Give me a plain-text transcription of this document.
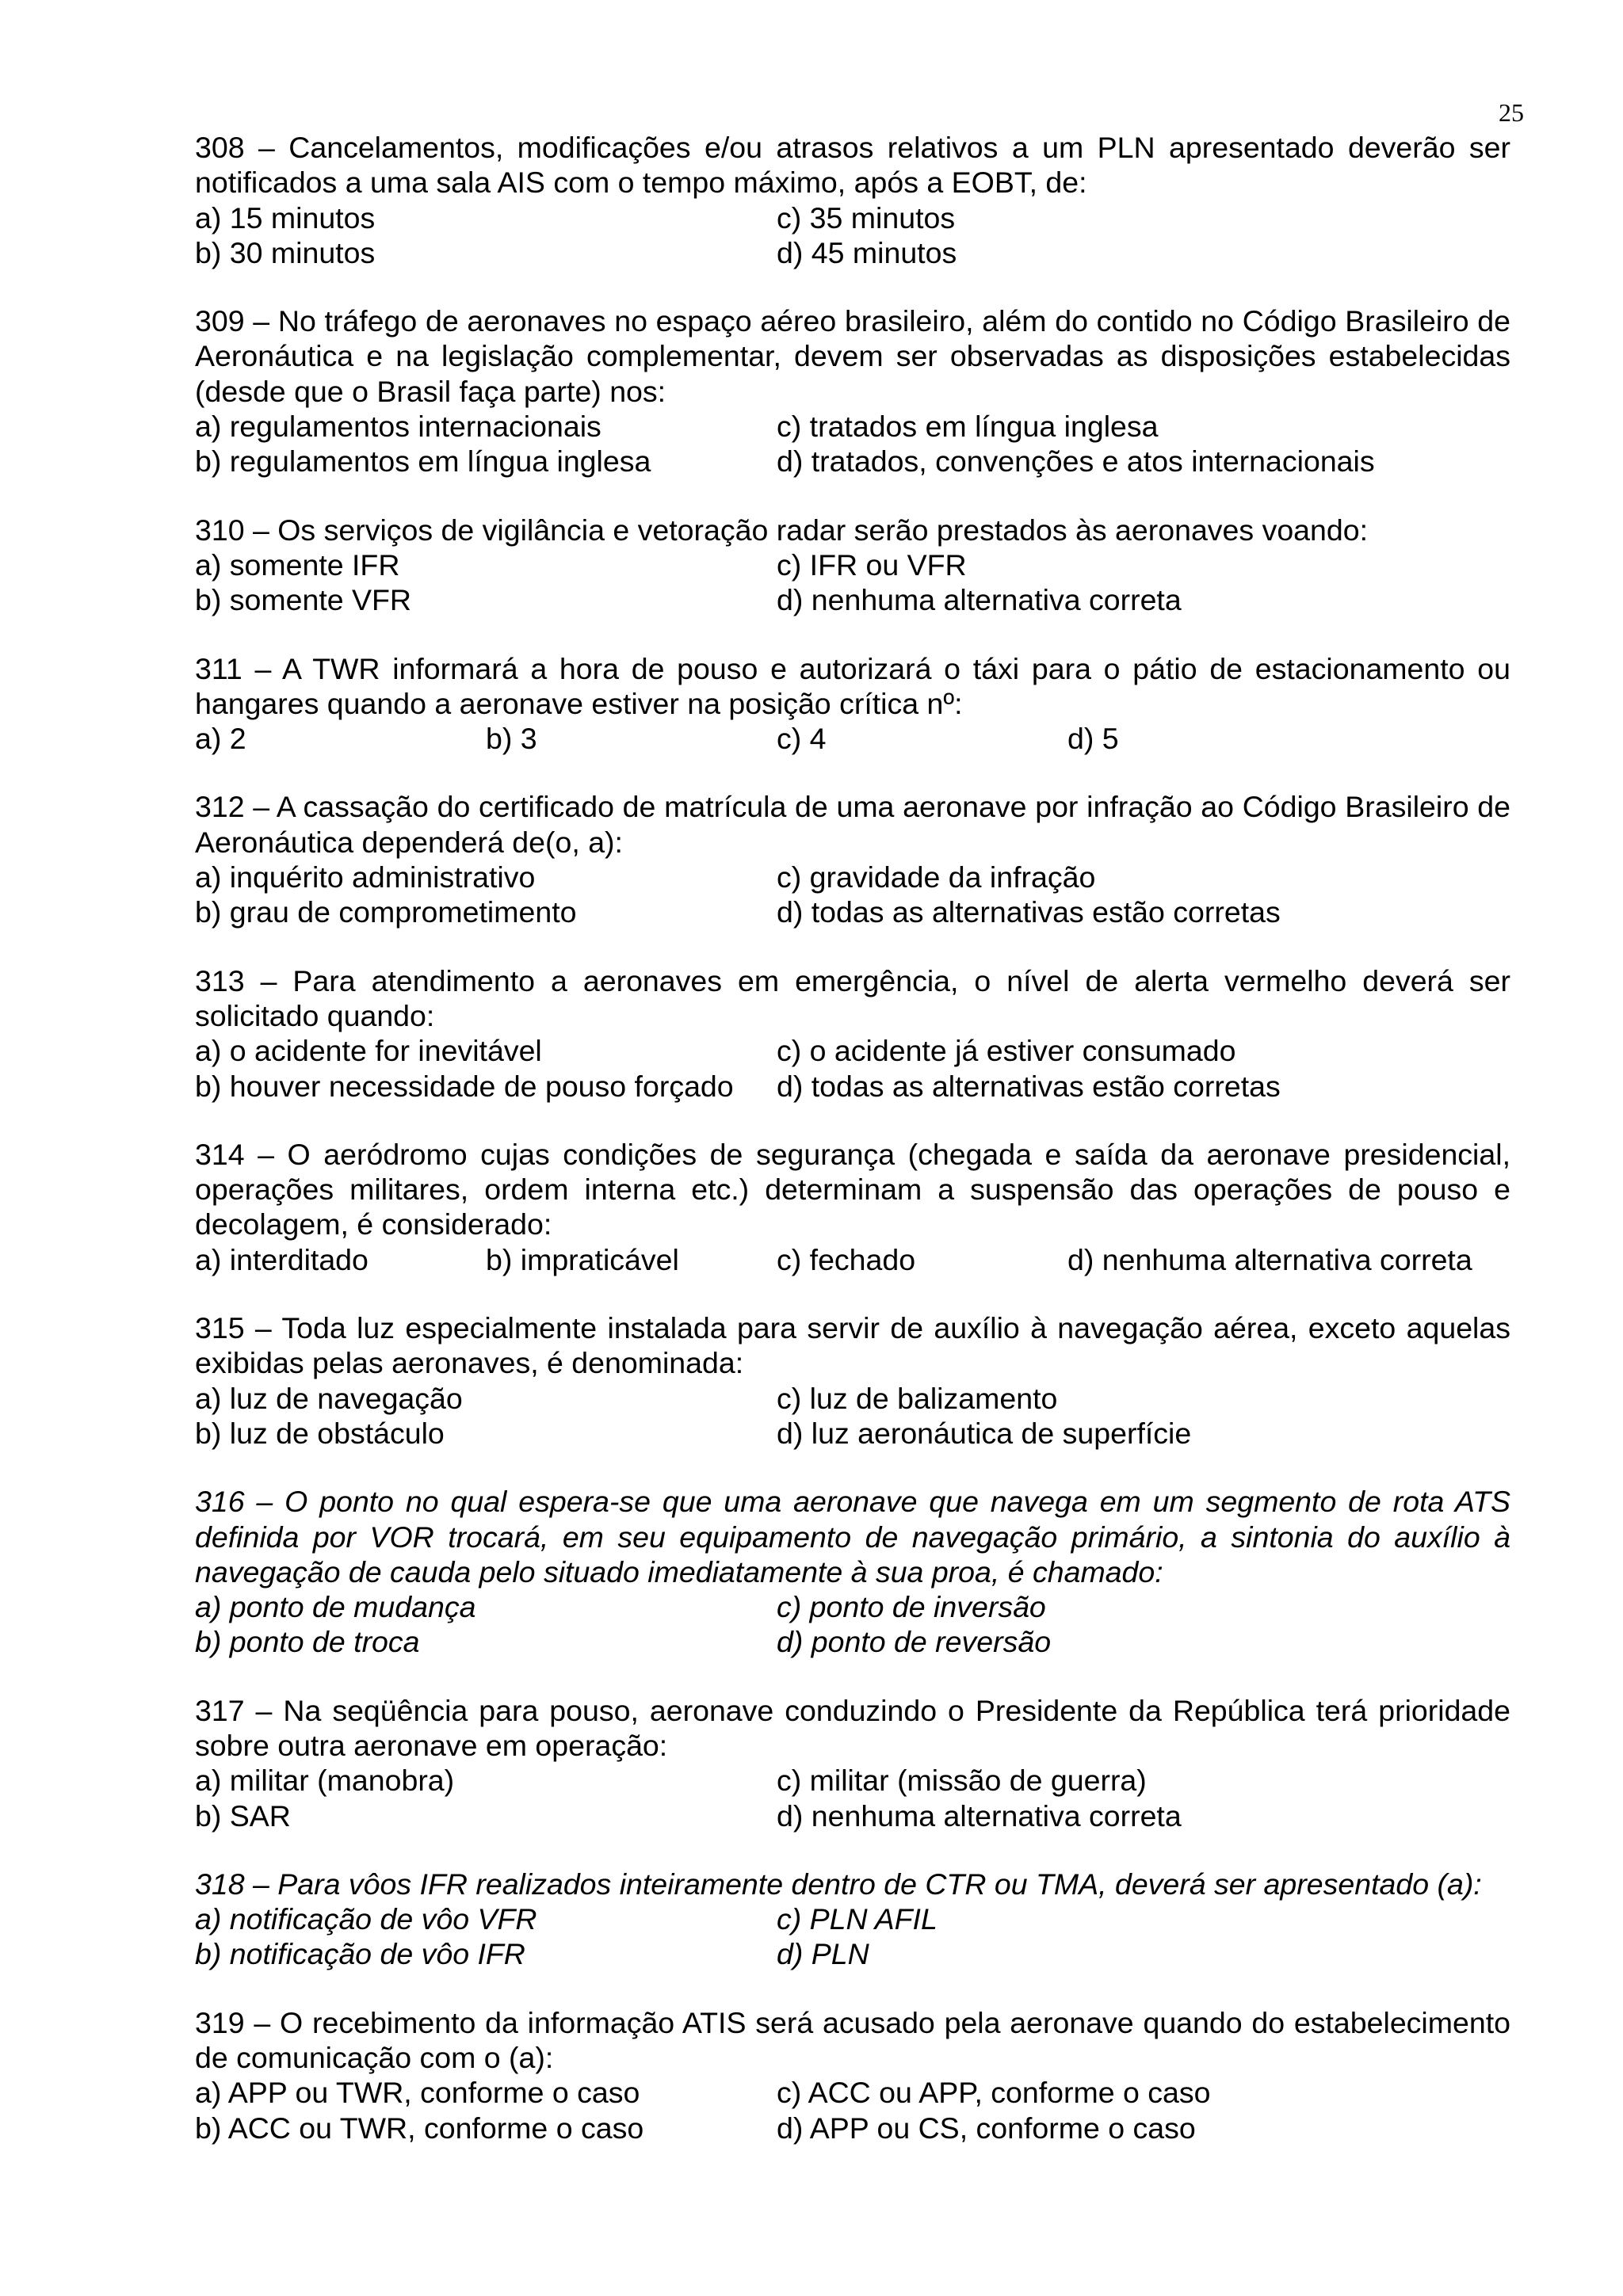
25
308 – Cancelamentos, modificações e/ou atrasos relativos a um PLN apresentado deverão ser notificados a uma sala AIS com o tempo máximo, após a EOBT, de:
a) 15 minutos	c) 35 minutos
b) 30 minutos	d) 45 minutos
309 – No tráfego de aeronaves no espaço aéreo brasileiro, além do contido no Código Brasileiro de Aeronáutica e na legislação complementar, devem ser observadas as disposições estabelecidas (desde que o Brasil faça parte) nos:
a) regulamentos internacionais	c) tratados em língua inglesa
b) regulamentos em língua inglesa	d) tratados, convenções e atos internacionais
310 – Os serviços de vigilância e vetoração radar serão prestados às aeronaves voando:
a) somente IFR	c) IFR ou VFR
b) somente VFR	d) nenhuma alternativa correta
311 – A TWR informará a hora de pouso e autorizará o táxi para o pátio de estacionamento ou hangares quando a aeronave estiver na posição crítica nº:
a) 2	b) 3	c) 4	d) 5
312 – A cassação do certificado de matrícula de uma aeronave por infração ao Código Brasileiro de Aeronáutica dependerá de(o, a):
a) inquérito administrativo	c) gravidade da infração
b) grau de comprometimento	d) todas as alternativas estão corretas
313 – Para atendimento a aeronaves em emergência, o nível de alerta vermelho deverá ser solicitado quando:
a) o acidente for inevitável	c) o acidente já estiver consumado
b) houver necessidade de pouso forçado	d) todas as alternativas estão corretas
314 – O aeródromo cujas condições de segurança (chegada e saída da aeronave presidencial, operações militares, ordem interna etc.) determinam a suspensão das operações de pouso e decolagem, é considerado:
a) interditado	b) impraticável	c) fechado	d) nenhuma alternativa correta
315 – Toda luz especialmente instalada para servir de auxílio à navegação aérea, exceto aquelas exibidas pelas aeronaves, é denominada:
a) luz de navegação	c) luz de balizamento
b) luz de obstáculo	d) luz aeronáutica de superfície
316 – O ponto no qual espera-se que uma aeronave que navega em um segmento de rota ATS definida por VOR trocará, em seu equipamento de navegação primário, a sintonia do auxílio à navegação de cauda pelo situado imediatamente à sua proa, é chamado:
a) ponto de mudança	c) ponto de inversão
b) ponto de troca	d) ponto de reversão
317 – Na seqüência para pouso, aeronave conduzindo o Presidente da República terá prioridade sobre outra aeronave em operação:
a) militar (manobra)	c) militar (missão de guerra)
b) SAR	d) nenhuma alternativa correta
318 – Para vôos IFR realizados inteiramente dentro de CTR ou TMA, deverá ser apresentado (a):
a) notificação de vôo VFR	c) PLN AFIL
b) notificação de vôo IFR	d) PLN
319 – O recebimento da informação ATIS será acusado pela aeronave quando do estabelecimento de comunicação com o (a):
a) APP ou TWR, conforme o caso	c) ACC ou APP, conforme o caso
b) ACC ou TWR, conforme o caso	d) APP ou CS, conforme o caso
